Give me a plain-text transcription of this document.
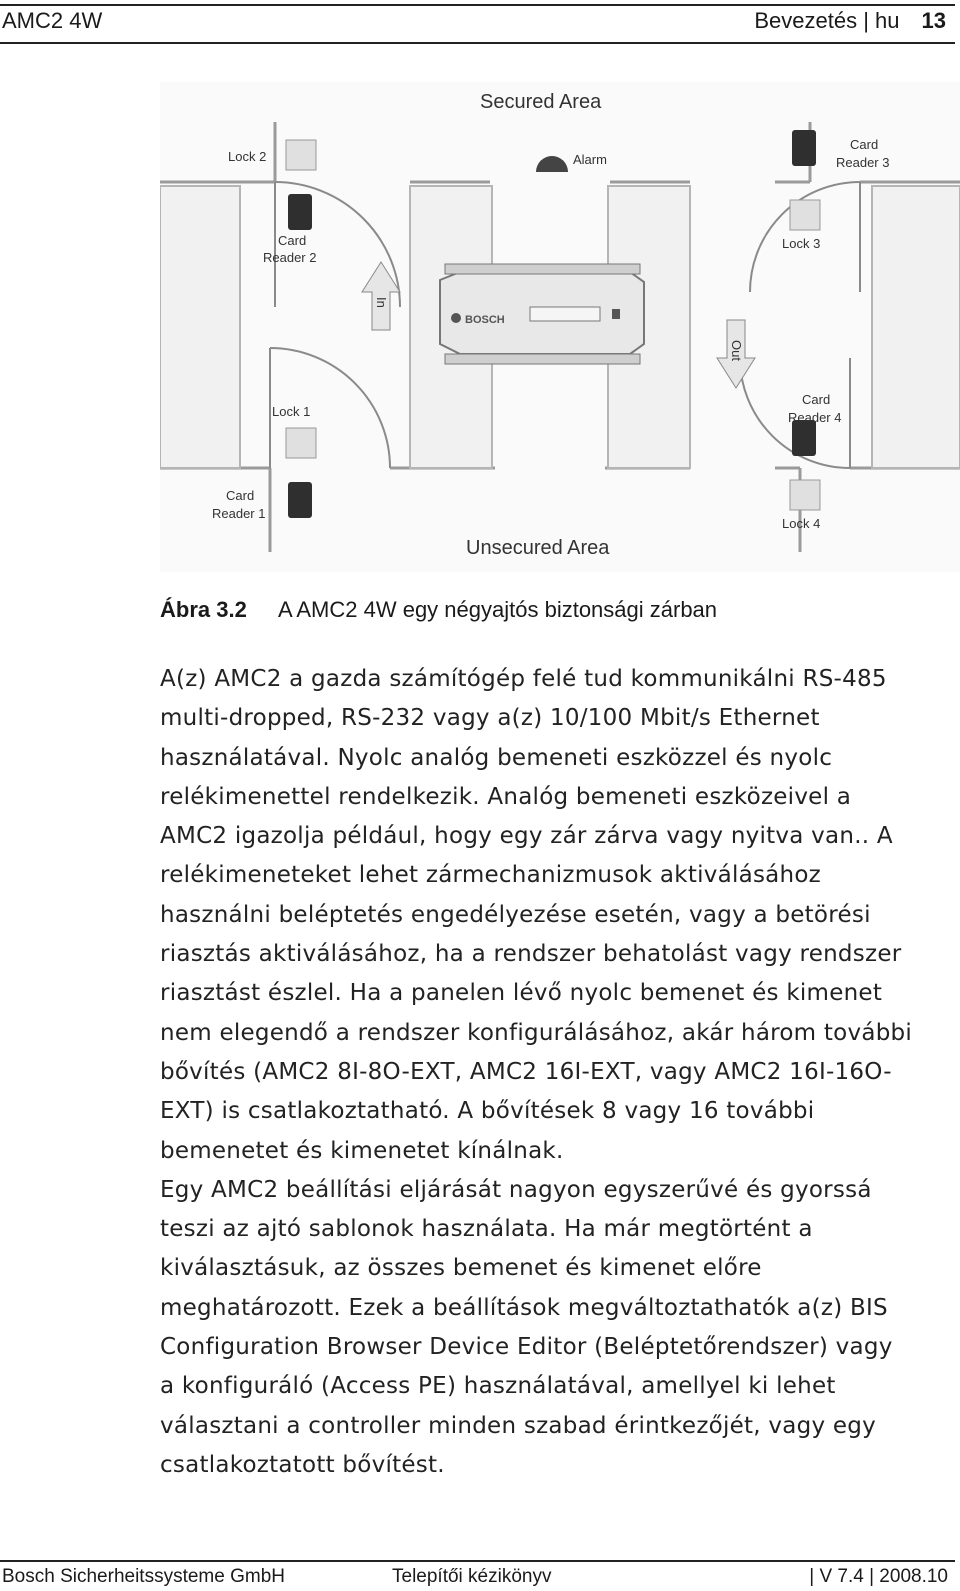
AMC2 4W	Bevezetés | hu 13
BOSCH
In
Out
Alarm
Secured Area
Unsecured Area
Lock 2
Lock 3
Lock 1
Lock 4
Card
Reader 2
Card
Reader 3
Card
Reader 4
Card
Reader 1
Ábra 3.2 A AMC2 4W egy négyajtós biztonsági zárban

A(z) AMC2 a gazda számítógép felé tud kommunikálni RS-485

multi-dropped, RS-232 vagy a(z) 10/100 Mbit/s Ethernet

használatával. Nyolc analóg bemeneti eszközzel és nyolc

relékimenettel rendelkezik. Analóg bemeneti eszközeivel a

AMC2 igazolja például, hogy egy zár zárva vagy nyitva van.. A

relékimeneteket lehet zármechanizmusok aktiválásához

használni beléptetés engedélyezése esetén, vagy a betörési

riasztás aktiválásához, ha a rendszer behatolást vagy rendszer

riasztást észlel. Ha a panelen lévő nyolc bemenet és kimenet

nem elegendő a rendszer konfigurálásához, akár három további

bővítés (AMC2 8I-8O-EXT, AMC2 16I-EXT, vagy AMC2 16I-16O-

EXT) is csatlakoztatható. A bővítések 8 vagy 16 további

bemenetet és kimenetet kínálnak.

Egy AMC2 beállítási eljárását nagyon egyszerűvé és gyorssá

teszi az ajtó sablonok használata. Ha már megtörtént a

kiválasztásuk, az összes bemenet és kimenet előre

meghatározott. Ezek a beállítások megváltoztathatók a(z) BIS

Configuration Browser Device Editor (Beléptetőrendszer) vagy

a konfiguráló (Access PE) használatával, amellyel ki lehet

választani a controller minden szabad érintkezőjét, vagy egy

csatlakoztatott bővítést.

Bosch Sicherheitssysteme GmbH	Telepítői kézikönyv	| V 7.4 | 2008.10
